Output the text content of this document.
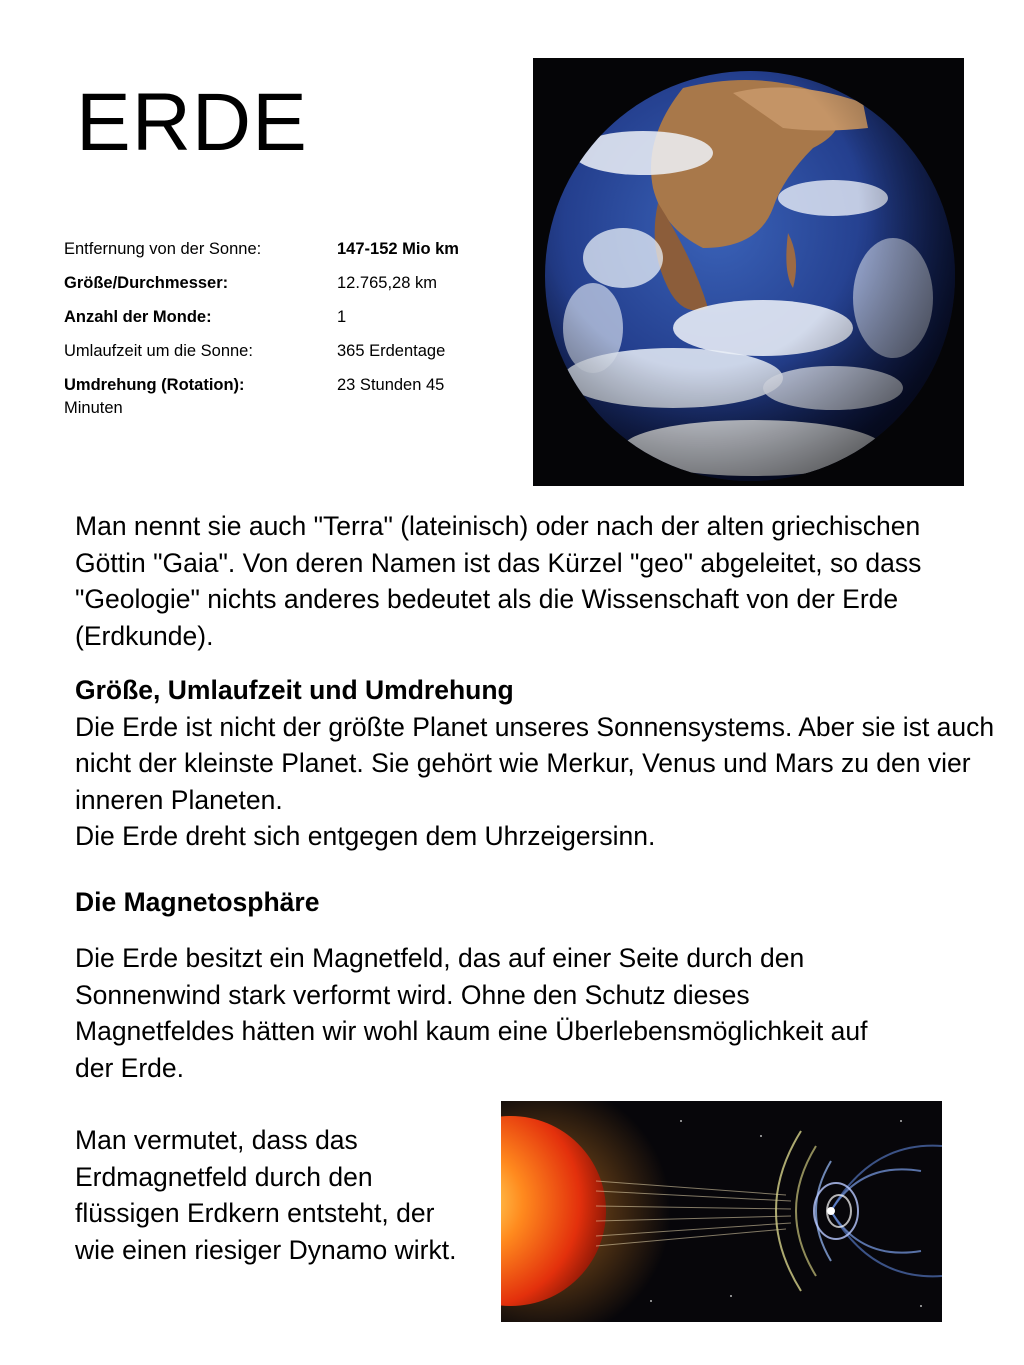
ERDE
Entfernung von der Sonne:	147-152 Mio km
Größe/Durchmesser:	12.765,28 km
Anzahl der Monde:	1
Umlaufzeit um die Sonne:	365 Erdentage
Umdrehung (Rotation):	23 Stunden 45
Minuten
Man nennt sie auch "Terra" (lateinisch) oder nach der alten griechischen Göttin "Gaia". Von deren Namen ist das Kürzel "geo" abgeleitet, so dass "Geologie" nichts anderes bedeutet als die Wissenschaft von der Erde (Erdkunde).
Größe, Umlaufzeit und Umdrehung
Die Erde ist nicht der größte Planet unseres Sonnensystems. Aber sie ist auch nicht der kleinste Planet. Sie gehört wie Merkur, Venus und Mars zu den vier inneren Planeten.
Die Erde dreht sich entgegen dem Uhrzeigersinn.
Die Magnetosphäre
Die Erde besitzt ein Magnetfeld, das auf einer Seite durch den Sonnenwind stark verformt wird. Ohne den Schutz dieses Magnetfeldes hätten wir wohl kaum eine Überlebensmöglichkeit auf der Erde.
Man vermutet, dass das Erdmagnetfeld durch den flüssigen Erdkern entsteht, der wie einen riesiger Dynamo wirkt.
